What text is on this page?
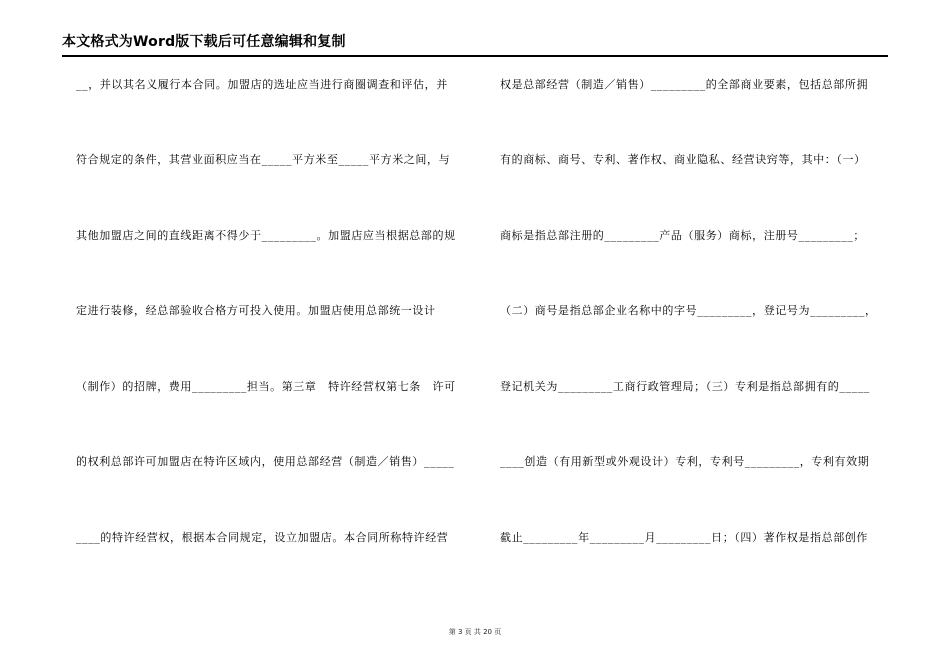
本文格式为Word版下载后可任意编辑和复制
__，并以其名义履行本合同。加盟店的选址应当进行商圈调查和评估，并
符合规定的条件，其营业面积应当在_____平方米至_____平方米之间，与
其他加盟店之间的直线距离不得少于_________。加盟店应当根据总部的规
定进行装修，经总部验收合格方可投入使用。加盟店使用总部统一设计
（制作）的招牌，费用_________担当。第三章　特许经营权第七条　许可
的权利总部许可加盟店在特许区域内，使用总部经营（制造／销售）_____
____的特许经营权，根据本合同规定，设立加盟店。本合同所称特许经营
权是总部经营（制造／销售）_________的全部商业要素，包括总部所拥
有的商标、商号、专利、著作权、商业隐私、经营诀窍等，其中：（一）
商标是指总部注册的_________产品（服务）商标，注册号_________；
（二）商号是指总部企业名称中的字号_________，登记号为_________，
登记机关为_________工商行政管理局；（三）专利是指总部拥有的_____
____创造（有用新型或外观设计）专利，专利号_________，专利有效期
截止_________年_________月_________日；（四）著作权是指总部创作
第 3 页 共 20 页
